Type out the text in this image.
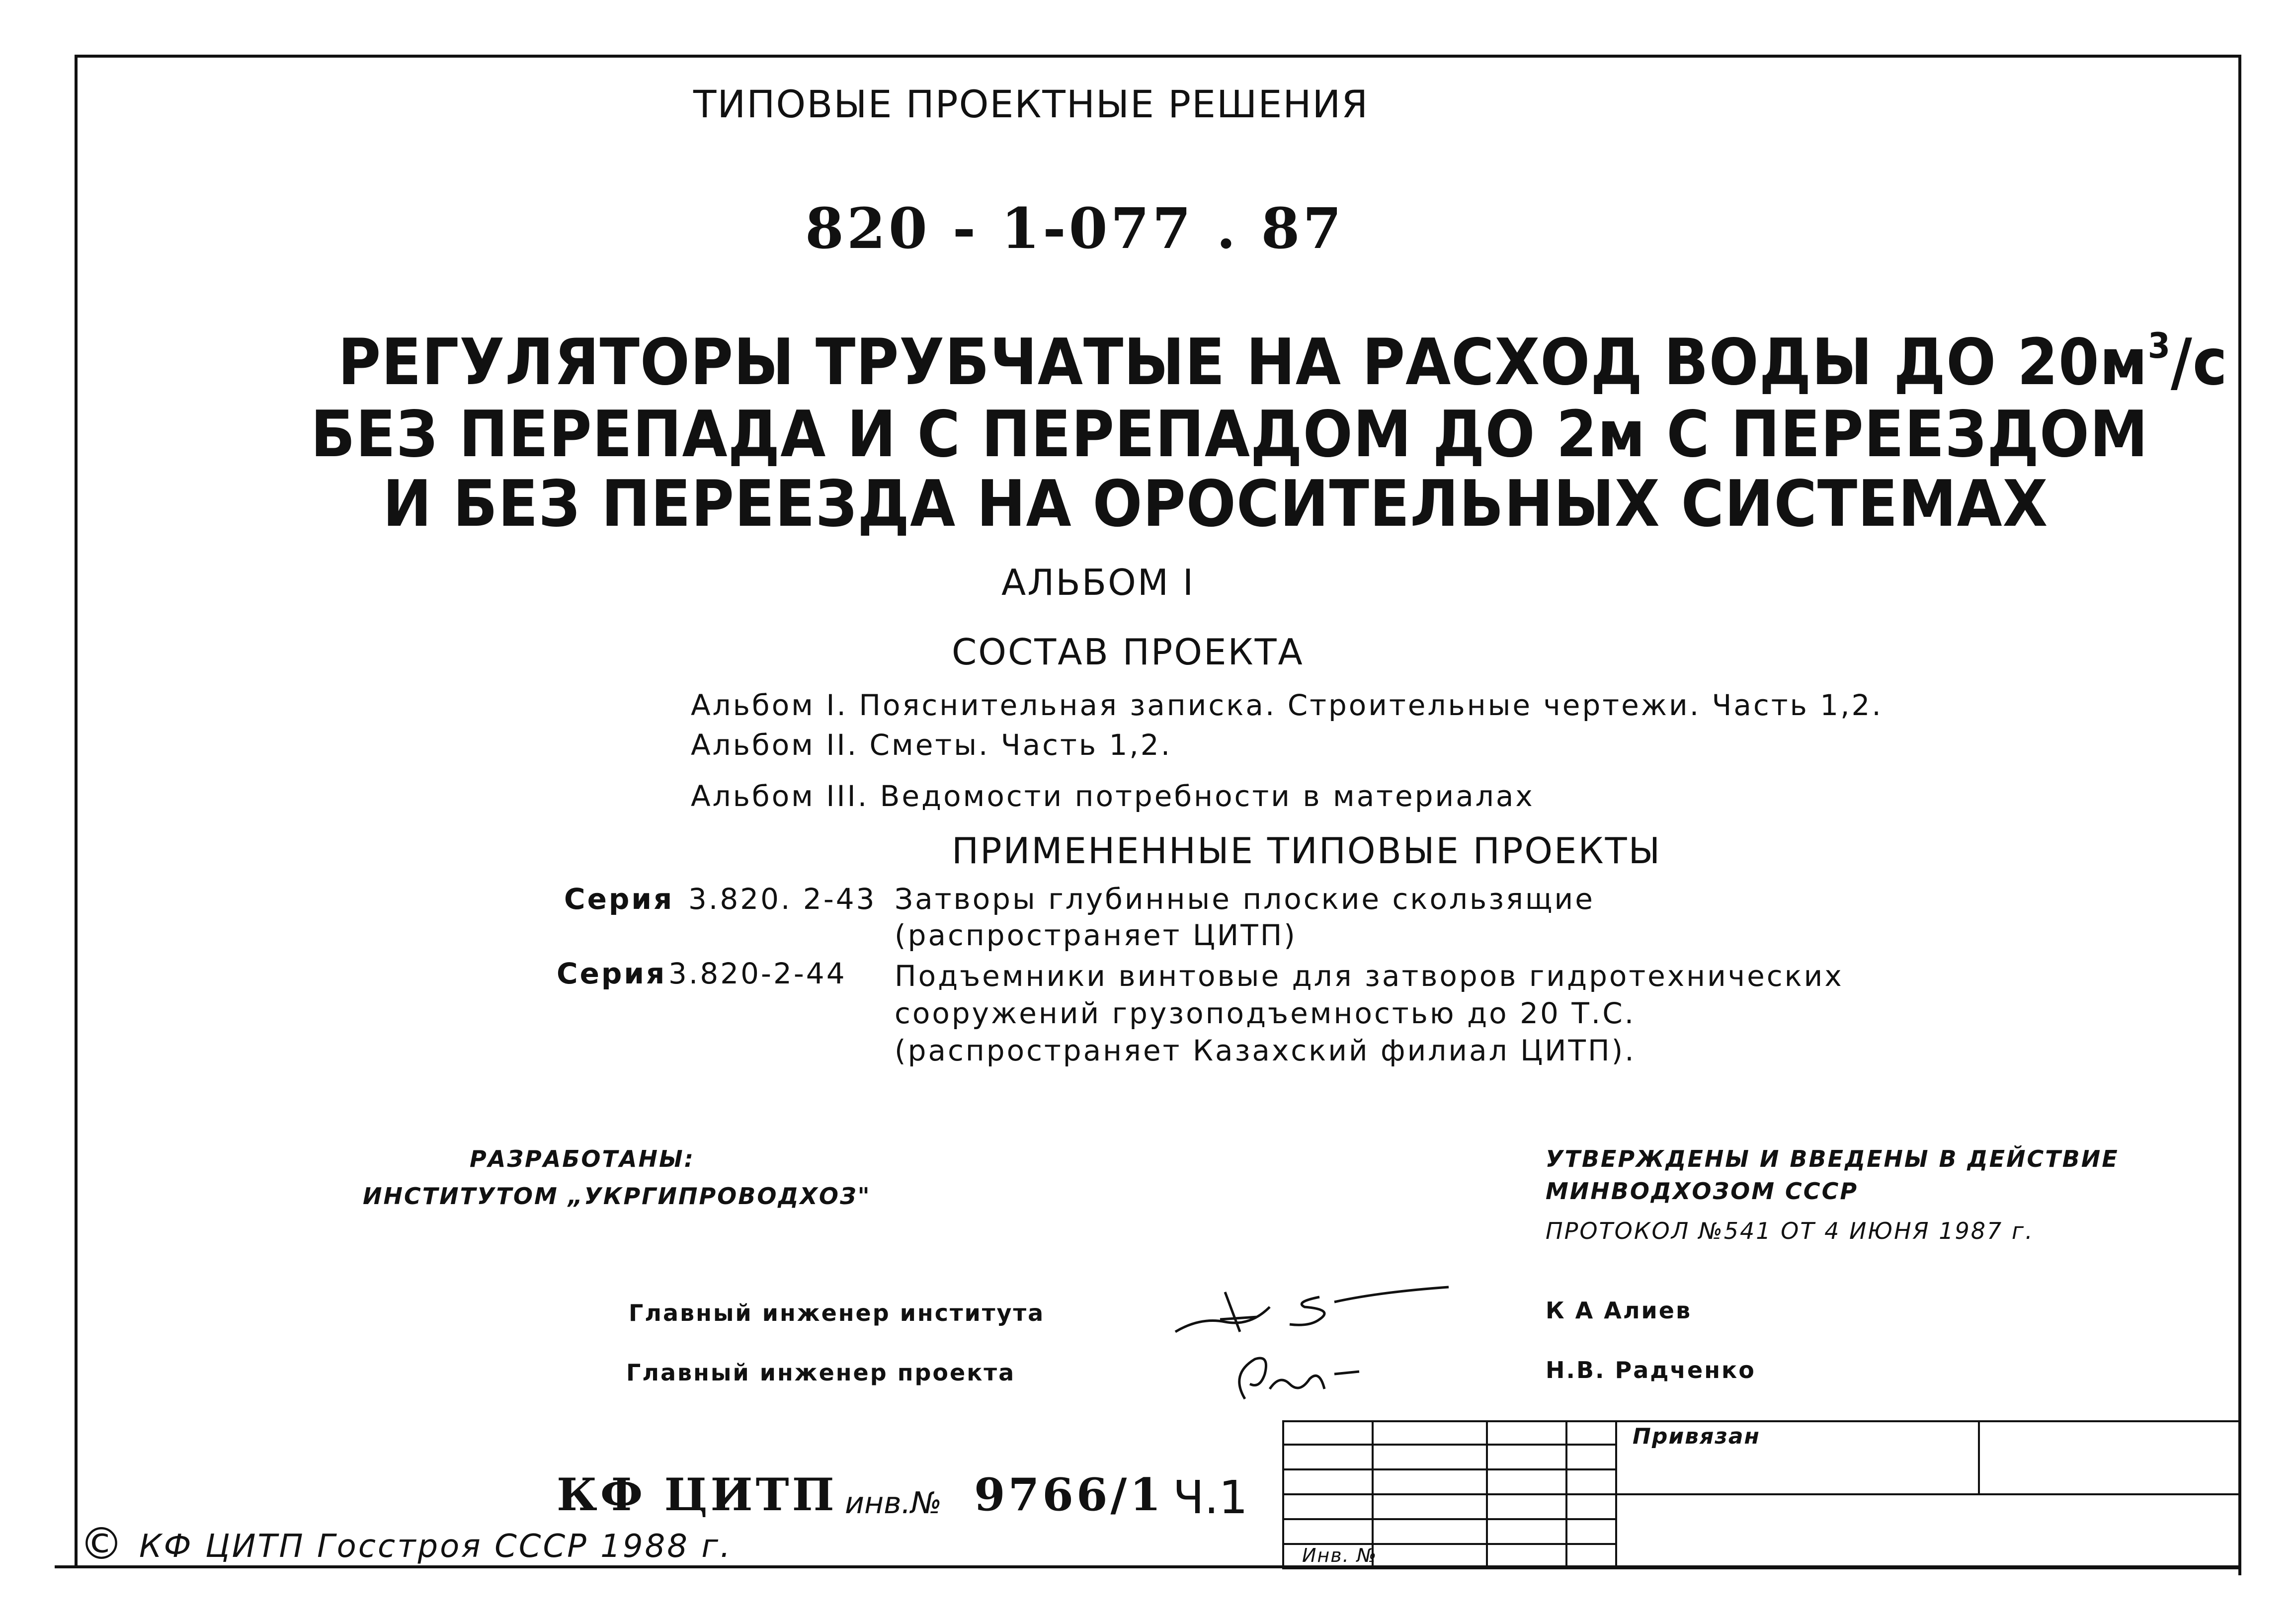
ТИПОВЫЕ ПРОЕКТНЫЕ РЕШЕНИЯ
820 - 1-077 . 87
РЕГУЛЯТОРЫ ТРУБЧАТЫЕ НА РАСХОД ВОДЫ ДО $20м^3/с$
БЕЗ ПЕРЕПАДА И С ПЕРЕПАДОМ ДО 2м С ПЕРЕЕЗДОМ
И БЕЗ ПЕРЕЕЗДА НА ОРОСИТЕЛЬНЫХ СИСТЕМАХ
АЛЬБОМ I
СОСТАВ ПРОЕКТА
Альбом I. Пояснительная записка. Строительные чертежи. Часть 1,2.
Альбом II. Сметы. Часть 1,2.
Альбом III. Ведомости потребности в материалах
ПРИМЕНЕННЫЕ ТИПОВЫЕ ПРОЕКТЫ
Серия 3.820. 2-43 Затворы глубинные плоские скользящие
(распространяет ЦИТП)
Серия 3.820-2-44 Подъемники винтовые для затворов гидротехнических
сооружений грузоподъемностью до 20 Т.С.
(распространяет Казахский филиал ЦИТП).
РАЗРАБОТАНЫ:
ИНСТИТУТОМ „УКРГИПРОВОДХОЗ"
УТВЕРЖДЕНЫ И ВВЕДЕНЫ В ДЕЙСТВИЕ
МИНВОДХОЗОМ СССР
ПРОТОКОЛ №541 ОТ 4 ИЮНЯ 1987 г.
Главный инженер института	К А Алиев
Главный инженер проекта	Н.В. Радченко
КФ ЦИТП инв.№ 9766/1 Ч.1
© КФ ЦИТП Госстроя СССР 1988 г.
Привязан
Инв. №
